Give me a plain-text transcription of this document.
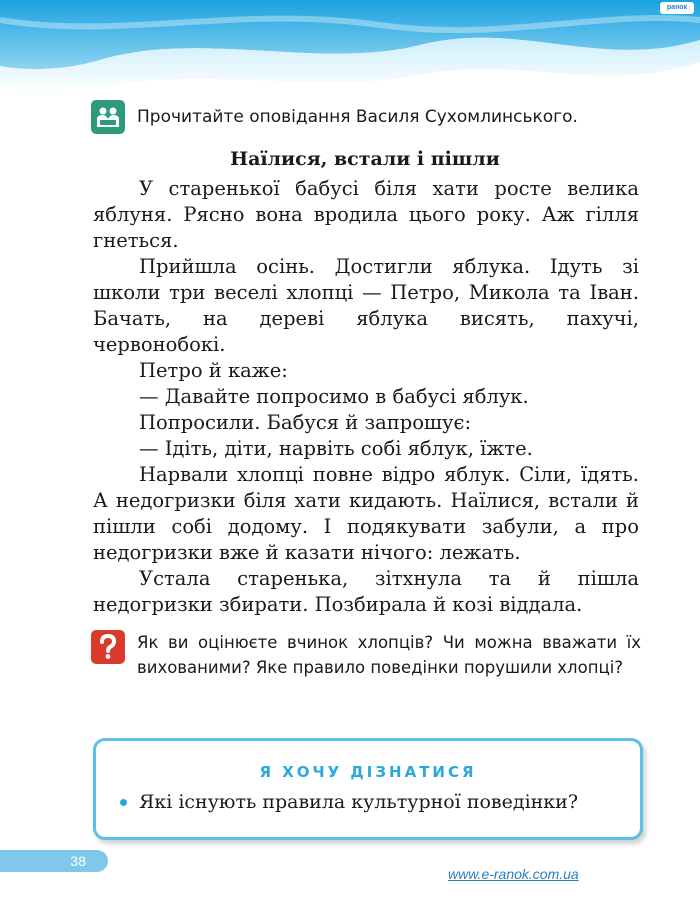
ранок
Прочитайте оповідання Василя Сухомлинського.
Наїлися, встали і пішли

У старенької бабусі біля хати росте велика яблуня. Рясно вона вродила цього року. Аж гілля гнеться.

Прийшла осінь. Достигли яблука. Ідуть зі школи три веселі хлопці — Петро, Микола та Іван. Бачать, на дереві яблука висять, пахучі, червонобокі.

Петро й каже:

— Давайте попросимо в бабусі яблук.

Попросили. Бабуся й запрошує:

— Ідіть, діти, нарвіть собі яблук, їжте.

Нарвали хлопці повне відро яблук. Сіли, їдять. А недогризки біля хати кидають. Наїлися, встали й пішли собі додому. І подякувати забули, а про недогризки вже й казати нічого: лежать.

Устала старенька, зітхнула та й пішла недогризки збирати. Позбирала й козі віддала.

Як ви оцінюєте вчинок хлопців? Чи можна вважати їх вихованими? Яке правило поведінки порушили хлопці?
Я ХОЧУ ДІЗНАТИСЯ
Які існують правила культурної поведінки?
38
www.e-ranok.com.ua
